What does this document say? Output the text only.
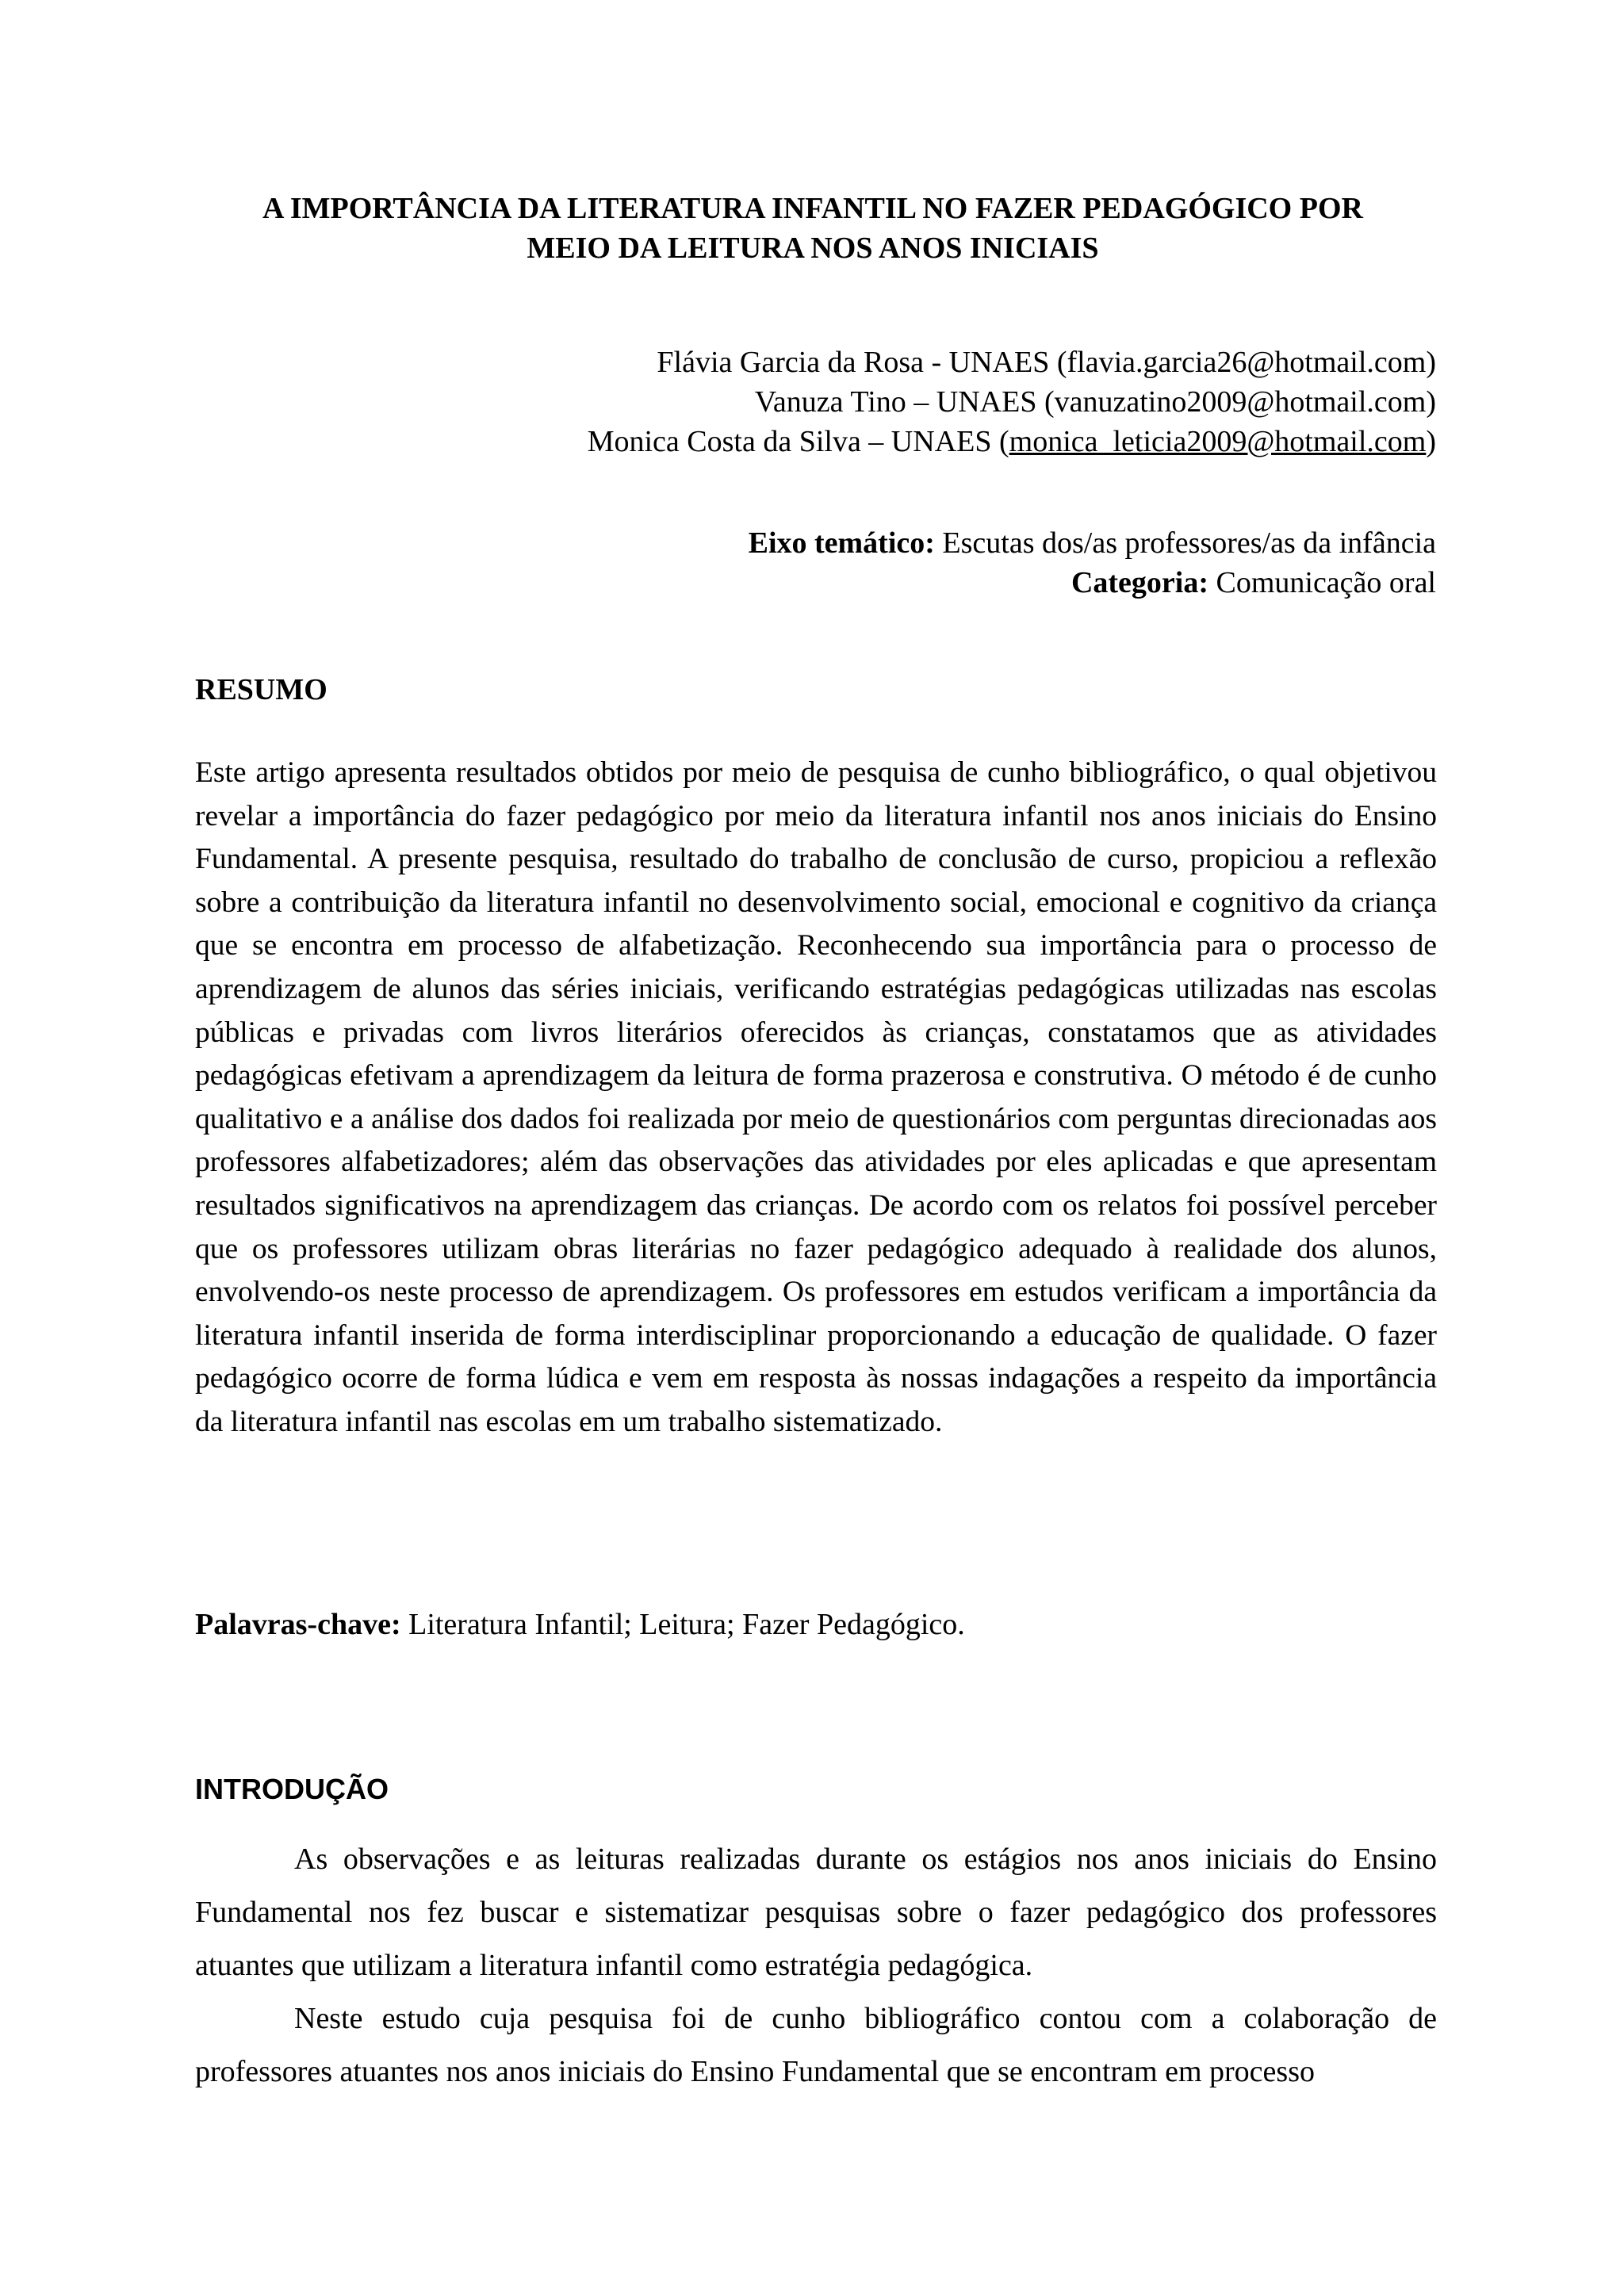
A IMPORTÂNCIA DA LITERATURA INFANTIL NO FAZER PEDAGÓGICO POR
MEIO DA LEITURA NOS ANOS INICIAIS
Flávia Garcia da Rosa - UNAES (flavia.garcia26@hotmail.com)
Vanuza Tino – UNAES (vanuzatino2009@hotmail.com)
Monica Costa da Silva – UNAES (monica_leticia2009@hotmail.com)
Eixo temático: Escutas dos/as professores/as da infância
Categoria: Comunicação oral
RESUMO

Este artigo apresenta resultados obtidos por meio de pesquisa de cunho bibliográfico, o qual objetivou revelar a importância do fazer pedagógico por meio da literatura infantil nos anos iniciais do Ensino Fundamental. A presente pesquisa, resultado do trabalho de conclusão de curso, propiciou a reflexão sobre a contribuição da literatura infantil no desenvolvimento social, emocional e cognitivo da criança que se encontra em processo de alfabetização. Reconhecendo sua importância para o processo de aprendizagem de alunos das séries iniciais, verificando estratégias pedagógicas utilizadas nas escolas públicas e privadas com livros literários oferecidos às crianças, constatamos que as atividades pedagógicas efetivam a aprendizagem da leitura de forma prazerosa e construtiva. O método é de cunho qualitativo e a análise dos dados foi realizada por meio de questionários com perguntas direcionadas aos professores alfabetizadores; além das observações das atividades por eles aplicadas e que apresentam resultados significativos na aprendizagem das crianças. De acordo com os relatos foi possível perceber que os professores utilizam obras literárias no fazer pedagógico adequado à realidade dos alunos, envolvendo-os neste processo de aprendizagem. Os professores em estudos verificam a importância da literatura infantil inserida de forma interdisciplinar proporcionando a educação de qualidade. O fazer pedagógico ocorre de forma lúdica e vem em resposta às nossas indagações a respeito da importância da literatura infantil nas escolas em um trabalho sistematizado.

Palavras-chave: Literatura Infantil; Leitura; Fazer Pedagógico.
INTRODUÇÃO

As observações e as leituras realizadas durante os estágios nos anos iniciais do Ensino Fundamental nos fez buscar e sistematizar pesquisas sobre o fazer pedagógico dos professores atuantes que utilizam a literatura infantil como estratégia pedagógica.

Neste estudo cuja pesquisa foi de cunho bibliográfico contou com a colaboração de professores atuantes nos anos iniciais do Ensino Fundamental que se encontram em processo
